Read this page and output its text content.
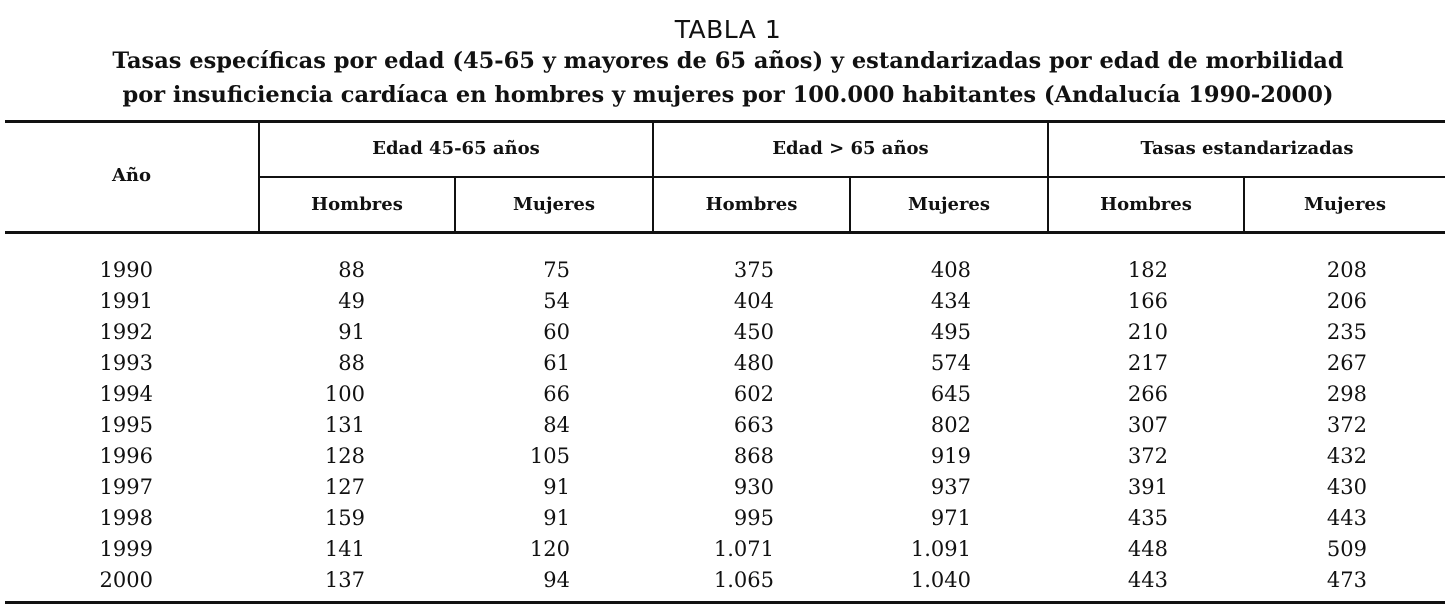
TABLA 1
Tasas específicas por edad (45-65 y mayores de 65 años) y estandarizadas por edad de morbilidad
por insuficiencia cardíaca en hombres y mujeres por 100.000 habitantes (Andalucía 1990-2000)
Año
Edad 45-65 años	Edad > 65 años	Tasas estandarizadas
Hombres	Mujeres	Hombres	Mujeres	Hombres	Mujeres
1990	88	75	375	408	182	208
1991	49	54	404	434	166	206
1992	91	60	450	495	210	235
1993	88	61	480	574	217	267
1994	100	66	602	645	266	298
1995	131	84	663	802	307	372
1996	128	105	868	919	372	432
1997	127	91	930	937	391	430
1998	159	91	995	971	435	443
1999	141	120	1.071	1.091	448	509
2000	137	94	1.065	1.040	443	473
